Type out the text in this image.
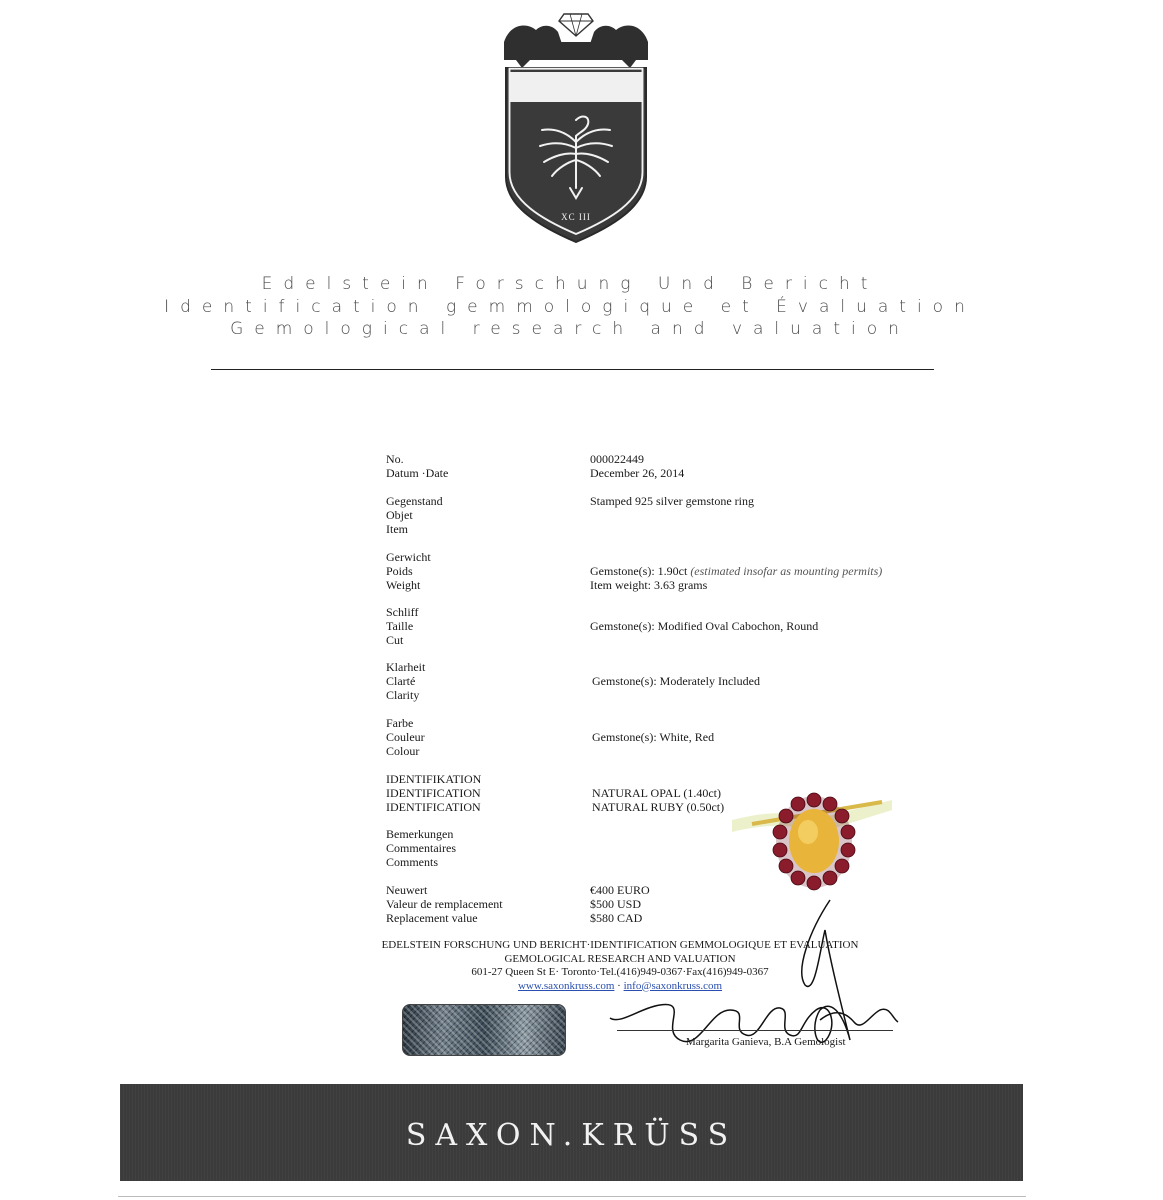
XC III
Edelstein Forschung Und Bericht
Identification gemmologique et Évaluation
Gemological research and valuation
No.	000022449
Datum ·Date	December 26, 2014
Gegenstand
Objet
Item
Stamped 925 silver gemstone ring
Gerwicht
Poids
Weight
Gemstone(s): 1.90ct (estimated insofar as mounting permits)
Item weight: 3.63 grams
Schliff
Taille
Cut
Gemstone(s): Modified Oval Cabochon, Round
Klarheit
Clarté
Clarity
Gemstone(s): Moderately Included
Farbe
Couleur
Colour
Gemstone(s): White, Red
IDENTIFIKATION
IDENTIFICATION
IDENTIFICATION
NATURAL OPAL (1.40ct)
NATURAL RUBY (0.50ct)
Bemerkungen
Commentaires
Comments
Neuwert
Valeur de remplacement
Replacement value
€400 EURO
$500 USD
$580 CAD
Margarita Ganieva, B.A Gemologist
EDELSTEIN FORSCHUNG UND BERICHT·IDENTIFICATION GEMMOLOGIQUE ET EVALUATION
GEMOLOGICAL RESEARCH AND VALUATION
601-27 Queen St E· Toronto·Tel.(416)949-0367·Fax(416)949-0367
www.saxonkruss.com · info@saxonkruss.com
SAXON.KRÜSS
